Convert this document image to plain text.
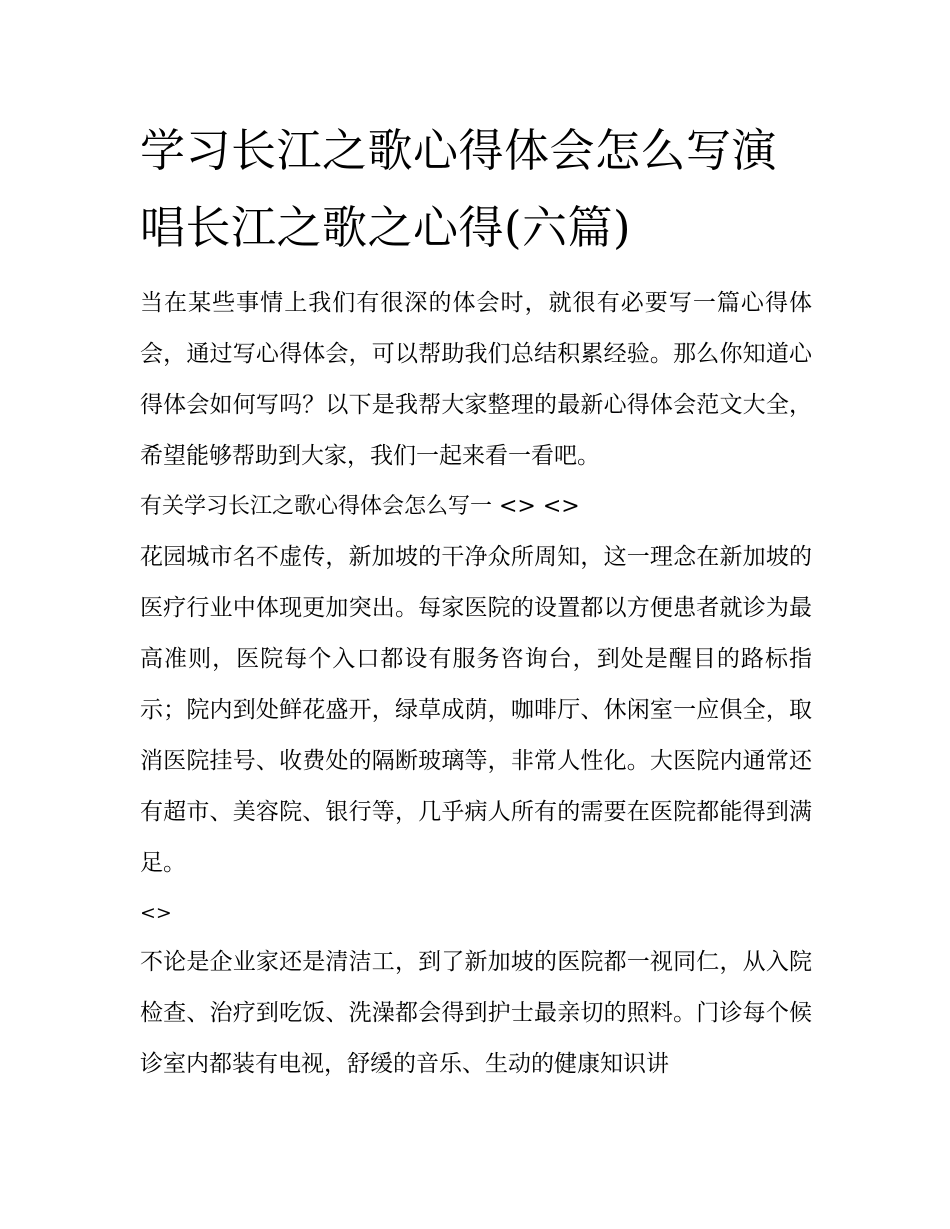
学习长江之歌心得体会怎么写演唱长江之歌之心得(六篇)

当在某些事情上我们有很深的体会时，就很有必要写一篇心得体会，通过写心得体会，可以帮助我们总结积累经验。那么你知道心得体会如何写吗？以下是我帮大家整理的最新心得体会范文大全，希望能够帮助到大家，我们一起来看一看吧。

有关学习长江之歌心得体会怎么写一 <> <>

花园城市名不虚传，新加坡的干净众所周知，这一理念在新加坡的医疗行业中体现更加突出。每家医院的设置都以方便患者就诊为最高准则，医院每个入口都设有服务咨询台，到处是醒目的路标指示；院内到处鲜花盛开，绿草成荫，咖啡厅、休闲室一应俱全，取消医院挂号、收费处的隔断玻璃等，非常人性化。大医院内通常还有超市、美容院、银行等，几乎病人所有的需要在医院都能得到满足。

<>

不论是企业家还是清洁工，到了新加坡的医院都一视同仁，从入院检查、治疗到吃饭、洗澡都会得到护士最亲切的照料。门诊每个候诊室内都装有电视，舒缓的音乐、生动的健康知识讲
